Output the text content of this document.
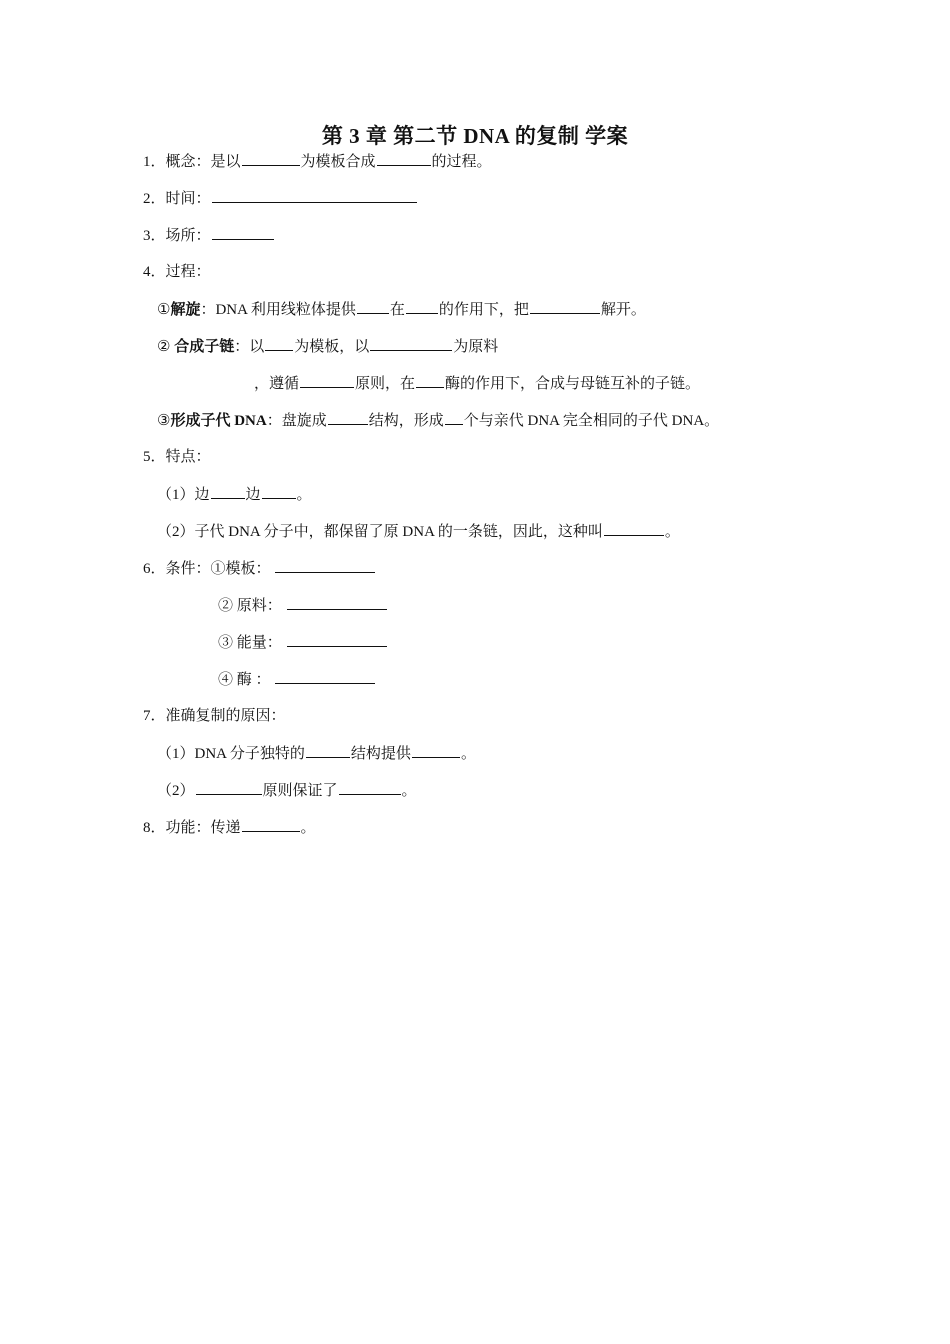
第 3 章 第二节 DNA 的复制 学案
1．概念：是以	为模板合成	的过程。
2．时间：
3．场所：
4．过程：
①解旋：DNA 利用线粒体提供 在 的作用下，把	解开。
② 合成子链：以 为模板，以	为原料
，遵循	原则，在 酶的作用下，合成与母链互补的子链。
③形成子代 DNA：盘旋成	结构，形成 个与亲代 DNA 完全相同的子代 DNA。
5．特点：
（1）边 边 。
（2）子代 DNA 分子中，都保留了原 DNA 的一条链，因此，这种叫	。
6．条件：①模板：
② 原料：
③ 能量：
④ 酶 ：
7．准确复制的原因：
（1）DNA 分子独特的	结构提供	。
（2）	原则保证了	。
8．功能：传递	。
